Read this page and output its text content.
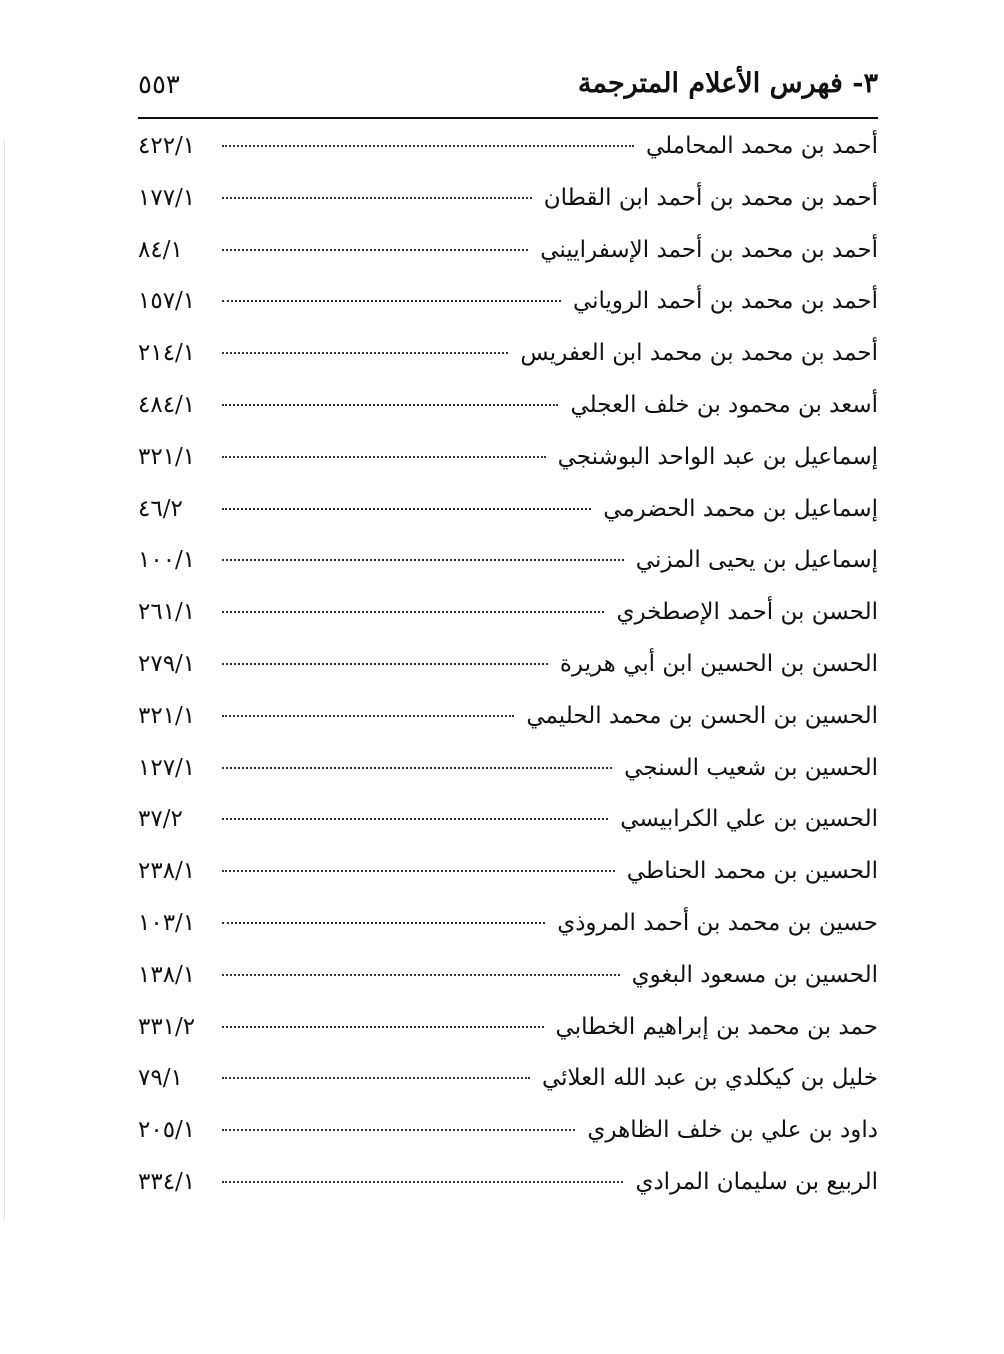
٣- فهرس الأعلام المترجمة
٥٥٣
أحمد بن محمد المحاملي
٤٢٢/١
أحمد بن محمد بن أحمد ابن القطان
١٧٧/١
أحمد بن محمد بن أحمد الإسفراييني
٨٤/١
أحمد بن محمد بن أحمد الروياني
١٥٧/١
أحمد بن محمد بن محمد ابن العفريس
٢١٤/١
أسعد بن محمود بن خلف العجلي
٤٨٤/١
إسماعيل بن عبد الواحد البوشنجي
٣٢١/١
إسماعيل بن محمد الحضرمي
٤٦/٢
إسماعيل بن يحيى المزني
١٠٠/١
الحسن بن أحمد الإصطخري
٢٦١/١
الحسن بن الحسين ابن أبي هريرة
٢٧٩/١
الحسين بن الحسن بن محمد الحليمي
٣٢١/١
الحسين بن شعيب السنجي
١٢٧/١
الحسين بن علي الكرابيسي
٣٧/٢
الحسين بن محمد الحناطي
٢٣٨/١
حسين بن محمد بن أحمد المروذي
١٠٣/١
الحسين بن مسعود البغوي
١٣٨/١
حمد بن محمد بن إبراهيم الخطابي
٣٣١/٢
خليل بن كيكلدي بن عبد الله العلائي
٧٩/١
داود بن علي بن خلف الظاهري
٢٠٥/١
الربيع بن سليمان المرادي
٣٣٤/١
